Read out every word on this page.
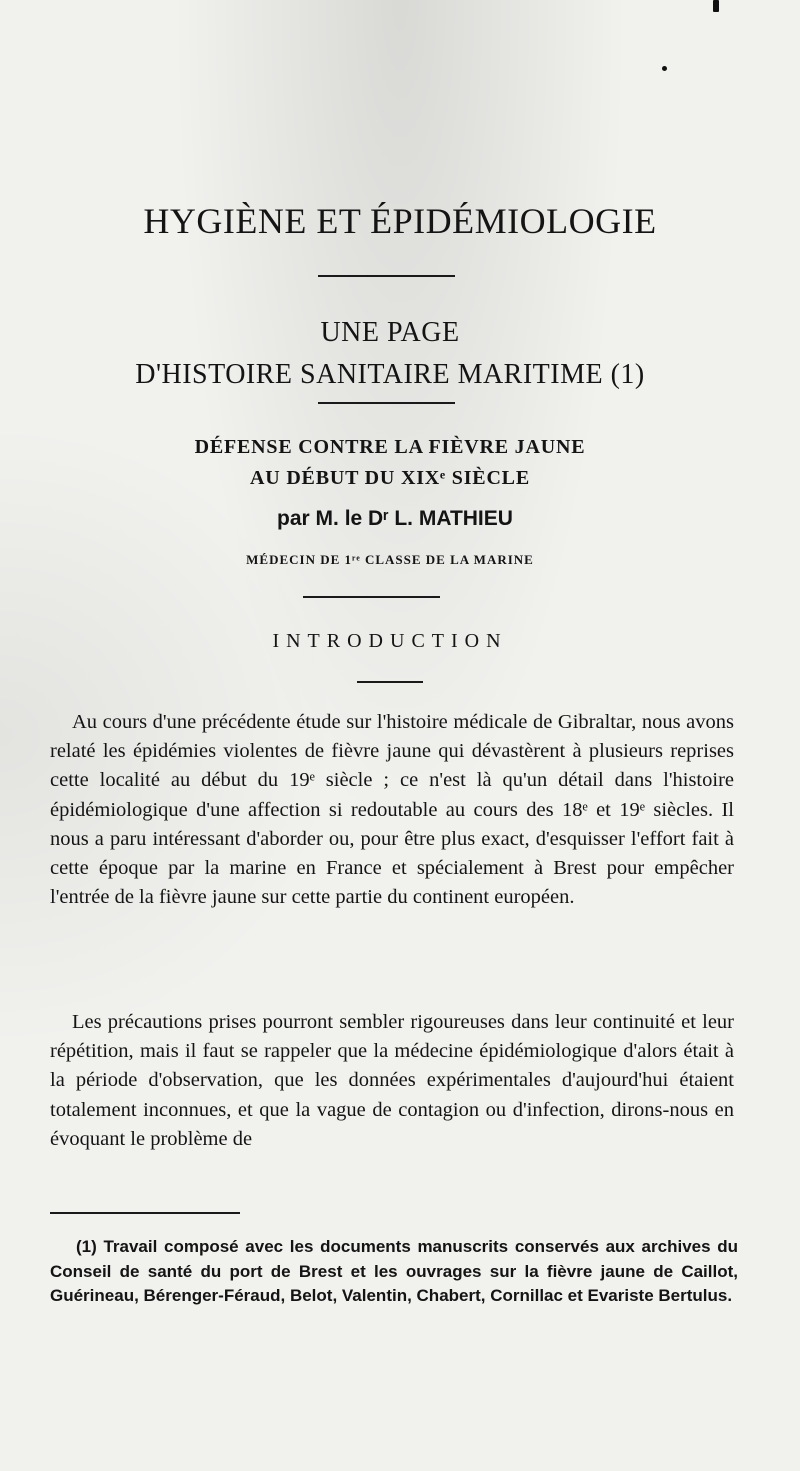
HYGIÈNE ET ÉPIDÉMIOLOGIE
UNE PAGE
D'HISTOIRE SANITAIRE MARITIME (1)
DÉFENSE CONTRE LA FIÈVRE JAUNE
AU DÉBUT DU XIXᵉ SIÈCLE
par M. le Dʳ L. MATHIEU
MÉDECIN DE 1ʳᵉ CLASSE DE LA MARINE
INTRODUCTION

Au cours d'une précédente étude sur l'histoire médicale de Gibraltar, nous avons relaté les épidémies violentes de fièvre jaune qui dévastèrent à plusieurs reprises cette localité au début du 19ᵉ siècle ; ce n'est là qu'un détail dans l'histoire épidémiologique d'une affection si redoutable au cours des 18ᵉ et 19ᵉ siècles. Il nous a paru intéressant d'aborder ou, pour être plus exact, d'esquisser l'effort fait à cette époque par la marine en France et spécialement à Brest pour empêcher l'entrée de la fièvre jaune sur cette partie du continent européen.

Les précautions prises pourront sembler rigoureuses dans leur continuité et leur répétition, mais il faut se rappeler que la médecine épidémiologique d'alors était à la période d'observation, que les données expérimentales d'aujourd'hui étaient totalement inconnues, et que la vague de contagion ou d'infection, dirons-nous en évoquant le problème de

(1) Travail composé avec les documents manuscrits conservés aux archives du Conseil de santé du port de Brest et les ouvrages sur la fièvre jaune de Caillot, Guérineau, Bérenger-Féraud, Belot, Valentin, Chabert, Cornillac et Evariste Bertulus.
